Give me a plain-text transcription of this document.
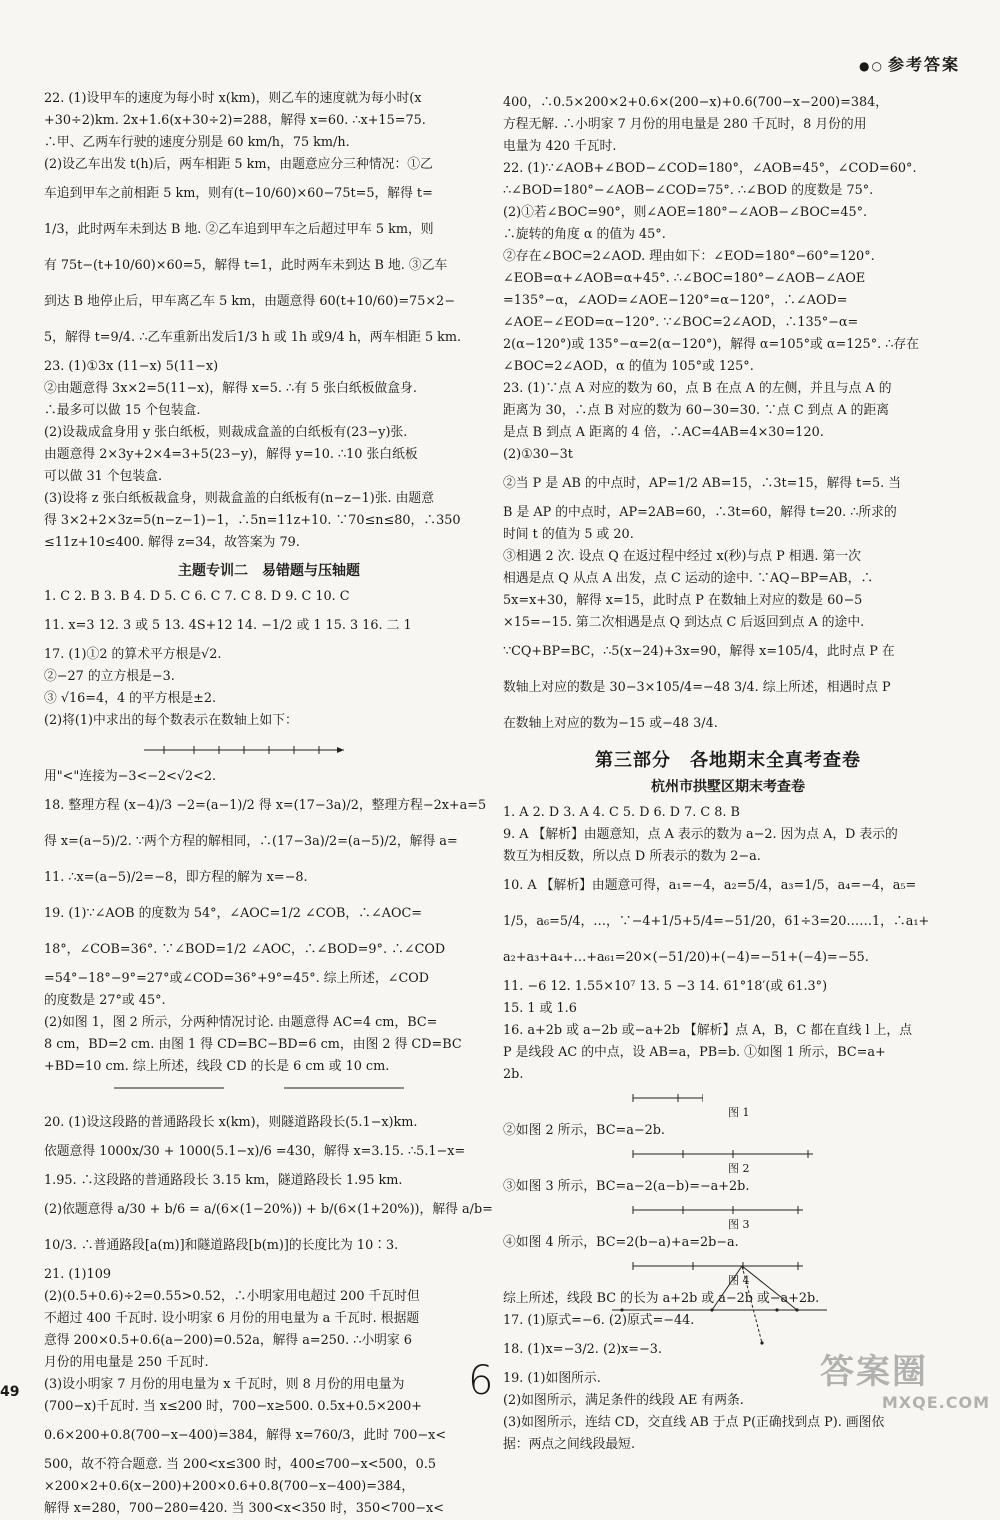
●○ 参考答案
22. (1)设甲车的速度为每小时 x(km)，则乙车的速度就为每小时(x
+30÷2)km. 2x+1.6(x+30÷2)=288，解得 x=60. ∴x+15=75.
∴甲、乙两车行驶的速度分别是 60 km/h，75 km/h.
(2)设乙车出发 t(h)后，两车相距 5 km，由题意应分三种情况：①乙
车追到甲车之前相距 5 km，则有(t−10/60)×60−75t=5，解得 t=
1/3，此时两车未到达 B 地. ②乙车追到甲车之后超过甲车 5 km，则
有 75t−(t+10/60)×60=5，解得 t=1，此时两车未到达 B 地. ③乙车
到达 B 地停止后，甲车离乙车 5 km，由题意得 60(t+10/60)=75×2−
5，解得 t=9/4. ∴乙车重新出发后1/3 h 或 1h 或9/4 h，两车相距 5 km.
23. (1)①3x (11−x) 5(11−x)
②由题意得 3x×2=5(11−x)，解得 x=5. ∴有 5 张白纸板做盒身.
∴最多可以做 15 个包装盒.
(2)设裁成盒身用 y 张白纸板，则裁成盒盖的白纸板有(23−y)张.
由题意得 2×3y+2×4=3+5(23−y)，解得 y=10. ∴10 张白纸板
可以做 31 个包装盒.
(3)设将 z 张白纸板裁盒身，则裁盒盖的白纸板有(n−z−1)张. 由题意
得 3×2+2×3z=5(n−z−1)−1，∴5n=11z+10. ∵70≤n≤80，∴350
≤11z+10≤400. 解得 z=34，故答案为 79.
主题专训二　易错题与压轴题
1. C 2. B 3. B 4. D 5. C 6. C 7. C 8. D 9. C 10. C
11. x=3 12. 3 或 5 13. 4S+12 14. −1/2 或 1 15. 3 16. 二 1
17. (1)①2 的算术平方根是√2.
②−27 的立方根是−3.
③ √16=4，4 的平方根是±2.
(2)将(1)中求出的每个数表示在数轴上如下：
用"<"连接为−3<−2<√2<2.
18. 整理方程 (x−4)/3 −2=(a−1)/2 得 x=(17−3a)/2，整理方程−2x+a=5
得 x=(a−5)/2. ∵两个方程的解相同，∴(17−3a)/2=(a−5)/2，解得 a=
11. ∴x=(a−5)/2=−8，即方程的解为 x=−8.
19. (1)∵∠AOB 的度数为 54°，∠AOC=1/2 ∠COB，∴∠AOC=
18°，∠COB=36°. ∵∠BOD=1/2 ∠AOC，∴∠BOD=9°. ∴∠COD
=54°−18°−9°=27°或∠COD=36°+9°=45°. 综上所述，∠COD
的度数是 27°或 45°.
(2)如图 1，图 2 所示，分两种情况讨论. 由题意得 AC=4 cm，BC=
8 cm，BD=2 cm. 由图 1 得 CD=BC−BD=6 cm，由图 2 得 CD=BC
+BD=10 cm. 综上所述，线段 CD 的长是 6 cm 或 10 cm.
20. (1)设这段路的普通路段长 x(km)，则隧道路段长(5.1−x)km.
依题意得 1000x/30 + 1000(5.1−x)/6 =430，解得 x=3.15. ∴5.1−x=
1.95. ∴这段路的普通路段长 3.15 km，隧道路段长 1.95 km.
(2)依题意得 a/30 + b/6 = a/(6×(1−20%)) + b/(6×(1+20%))，解得 a/b=
10/3. ∴普通路段[a(m)]和隧道路段[b(m)]的长度比为 10∶3.
21. (1)109
(2)(0.5+0.6)÷2=0.55>0.52，∴小明家用电超过 200 千瓦时但
不超过 400 千瓦时. 设小明家 6 月份的用电量为 a 千瓦时. 根据题
意得 200×0.5+0.6(a−200)=0.52a，解得 a=250. ∴小明家 6
月份的用电量是 250 千瓦时.
(3)设小明家 7 月份的用电量为 x 千瓦时，则 8 月份的用电量为
(700−x)千瓦时. 当 x≤200 时，700−x≥500. 0.5x+0.5×200+
0.6×200+0.8(700−x−400)=384，解得 x=760/3，此时 700−x<
500，故不符合题意. 当 200<x≤300 时，400≤700−x<500，0.5
×200×2+0.6(x−200)+200×0.6+0.8(700−x−400)=384，
解得 x=280，700−280=420. 当 300<x<350 时，350<700−x<
400，∴0.5×200×2+0.6×(200−x)+0.6(700−x−200)=384，
方程无解. ∴小明家 7 月份的用电量是 280 千瓦时，8 月份的用
电量为 420 千瓦时.
22. (1)∵∠AOB+∠BOD−∠COD=180°，∠AOB=45°，∠COD=60°.
∴∠BOD=180°−∠AOB−∠COD=75°. ∴∠BOD 的度数是 75°.
(2)①若∠BOC=90°，则∠AOE=180°−∠AOB−∠BOC=45°.
∴旋转的角度 α 的值为 45°.
②存在∠BOC=2∠AOD. 理由如下：∠EOD=180°−60°=120°.
∠EOB=α+∠AOB=α+45°. ∴∠BOC=180°−∠AOB−∠AOE
=135°−α，∠AOD=∠AOE−120°=α−120°，∴∠AOD=
∠AOE−∠EOD=α−120°. ∵∠BOC=2∠AOD，∴135°−α=
2(α−120°)或 135°−α=2(α−120°)，解得 α=105°或 α=125°. ∴存在
∠BOC=2∠AOD，α 的值为 105°或 125°.
23. (1)∵点 A 对应的数为 60，点 B 在点 A 的左侧，并且与点 A 的
距离为 30，∴点 B 对应的数为 60−30=30. ∵点 C 到点 A 的距离
是点 B 到点 A 距离的 4 倍，∴AC=4AB=4×30=120.
(2)①30−3t
②当 P 是 AB 的中点时，AP=1/2 AB=15，∴3t=15，解得 t=5. 当
B 是 AP 的中点时，AP=2AB=60，∴3t=60，解得 t=20. ∴所求的
时间 t 的值为 5 或 20.
③相遇 2 次. 设点 Q 在返过程中经过 x(秒)与点 P 相遇. 第一次
相遇是点 Q 从点 A 出发，点 C 运动的途中. ∵AQ−BP=AB，∴
5x=x+30，解得 x=15，此时点 P 在数轴上对应的数是 60−5
×15=−15. 第二次相遇是点 Q 到达点 C 后返回到点 A 的途中.
∵CQ+BP=BC，∴5(x−24)+3x=90，解得 x=105/4，此时点 P 在
数轴上对应的数是 30−3×105/4=−48 3/4. 综上所述，相遇时点 P
在数轴上对应的数为−15 或−48 3/4.
第三部分　各地期末全真考查卷
杭州市拱墅区期末考查卷
1. A 2. D 3. A 4. C 5. D 6. D 7. C 8. B
9. A 【解析】由题意知，点 A 表示的数为 a−2. 因为点 A，D 表示的
数互为相反数，所以点 D 所表示的数为 2−a.
10. A 【解析】由题意可得，a₁=−4，a₂=5/4，a₃=1/5，a₄=−4，a₅=
1/5，a₆=5/4，…，∵−4+1/5+5/4=−51/20，61÷3=20……1，∴a₁+
a₂+a₃+a₄+…+a₆₁=20×(−51/20)+(−4)=−51+(−4)=−55.
11. −6 12. 1.55×10⁷ 13. 5 −3 14. 61°18′(或 61.3°)
15. 1 或 1.6
16. a+2b 或 a−2b 或−a+2b 【解析】点 A，B，C 都在直线 l 上，点
P 是线段 AC 的中点，设 AB=a，PB=b. ①如图 1 所示，BC=a+
2b.
图 1
②如图 2 所示，BC=a−2b.
图 2
③如图 3 所示，BC=a−2(a−b)=−a+2b.
图 3
④如图 4 所示，BC=2(b−a)+a=2b−a.
图 4
综上所述，线段 BC 的长为 a+2b 或 a−2b 或−a+2b.
17. (1)原式=−6. (2)原式=−44.
18. (1)x=−3/2. (2)x=−3.
19. (1)如图所示.
(2)如图所示，满足条件的线段 AE 有两条.
(3)如图所示，连结 CD，交直线 AB 于点 P(正确找到点 P). 画图依
据：两点之间线段最短.
49	6	答案圈
MXQE.COM
